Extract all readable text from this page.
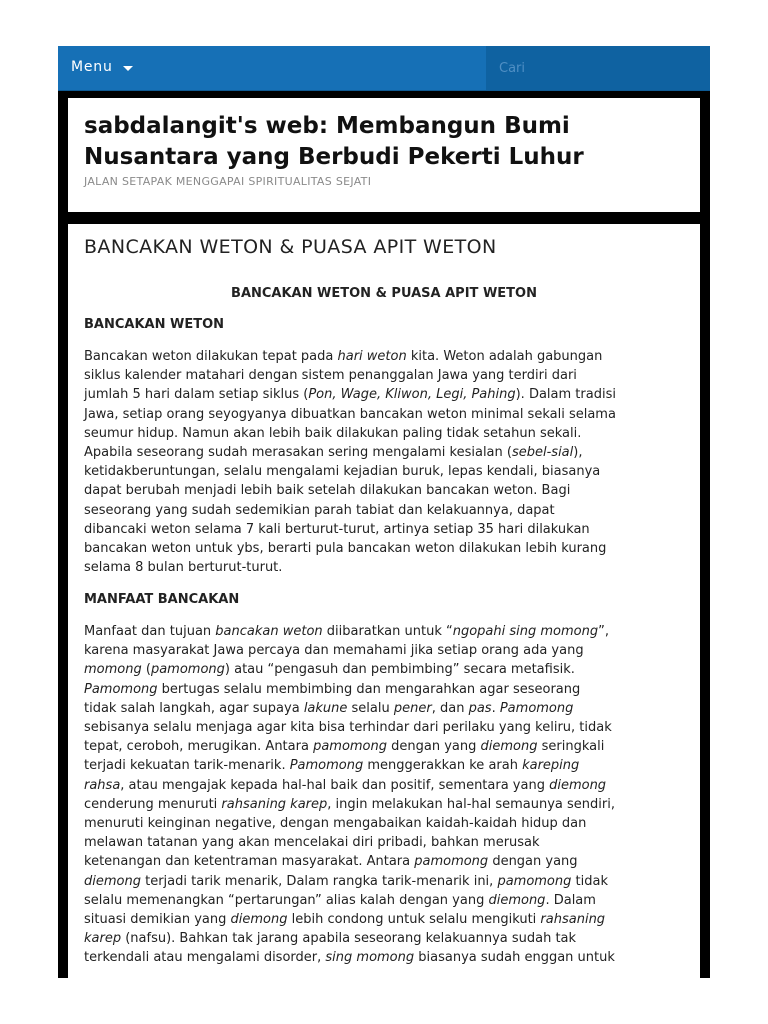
Menu
Cari
sabdalangit's web: Membangun Bumi Nusantara yang Berbudi Pekerti Luhur
JALAN SETAPAK MENGGAPAI SPIRITUALITAS SEJATI
BANCAKAN WETON & PUASA APIT WETON

BANCAKAN WETON & PUASA APIT WETON

BANCAKAN WETON

Bancakan weton dilakukan tepat pada hari weton kita. Weton adalah gabungan
siklus kalender matahari dengan sistem penanggalan Jawa yang terdiri dari
jumlah 5 hari dalam setiap siklus (Pon, Wage, Kliwon, Legi, Pahing). Dalam tradisi
Jawa, setiap orang seyogyanya dibuatkan bancakan weton minimal sekali selama
seumur hidup. Namun akan lebih baik dilakukan paling tidak setahun sekali.
Apabila seseorang sudah merasakan sering mengalami kesialan (sebel-sial),
ketidakberuntungan, selalu mengalami kejadian buruk, lepas kendali, biasanya
dapat berubah menjadi lebih baik setelah dilakukan bancakan weton. Bagi
seseorang yang sudah sedemikian parah tabiat dan kelakuannya, dapat
dibancaki weton selama 7 kali berturut-turut, artinya setiap 35 hari dilakukan
bancakan weton untuk ybs, berarti pula bancakan weton dilakukan lebih kurang
selama 8 bulan berturut-turut.

MANFAAT BANCAKAN

Manfaat dan tujuan bancakan weton diibaratkan untuk “ngopahi sing momong”,
karena masyarakat Jawa percaya dan memahami jika setiap orang ada yang
momong (pamomong) atau “pengasuh dan pembimbing” secara metafisik.
Pamomong bertugas selalu membimbing dan mengarahkan agar seseorang
tidak salah langkah, agar supaya lakune selalu pener, dan pas. Pamomong
sebisanya selalu menjaga agar kita bisa terhindar dari perilaku yang keliru, tidak
tepat, ceroboh, merugikan. Antara pamomong dengan yang diemong seringkali
terjadi kekuatan tarik-menarik. Pamomong menggerakkan ke arah kareping
rahsa, atau mengajak kepada hal-hal baik dan positif, sementara yang diemong
cenderung menuruti rahsaning karep, ingin melakukan hal-hal semaunya sendiri,
menuruti keinginan negative, dengan mengabaikan kaidah-kaidah hidup dan
melawan tatanan yang akan mencelakai diri pribadi, bahkan merusak
ketenangan dan ketentraman masyarakat. Antara pamomong dengan yang
diemong terjadi tarik menarik, Dalam rangka tarik-menarik ini, pamomong tidak
selalu memenangkan “pertarungan” alias kalah dengan yang diemong. Dalam
situasi demikian yang diemong lebih condong untuk selalu mengikuti rahsaning
karep (nafsu). Bahkan tak jarang apabila seseorang kelakuannya sudah tak
terkendali atau mengalami disorder, sing momong biasanya sudah enggan untuk
